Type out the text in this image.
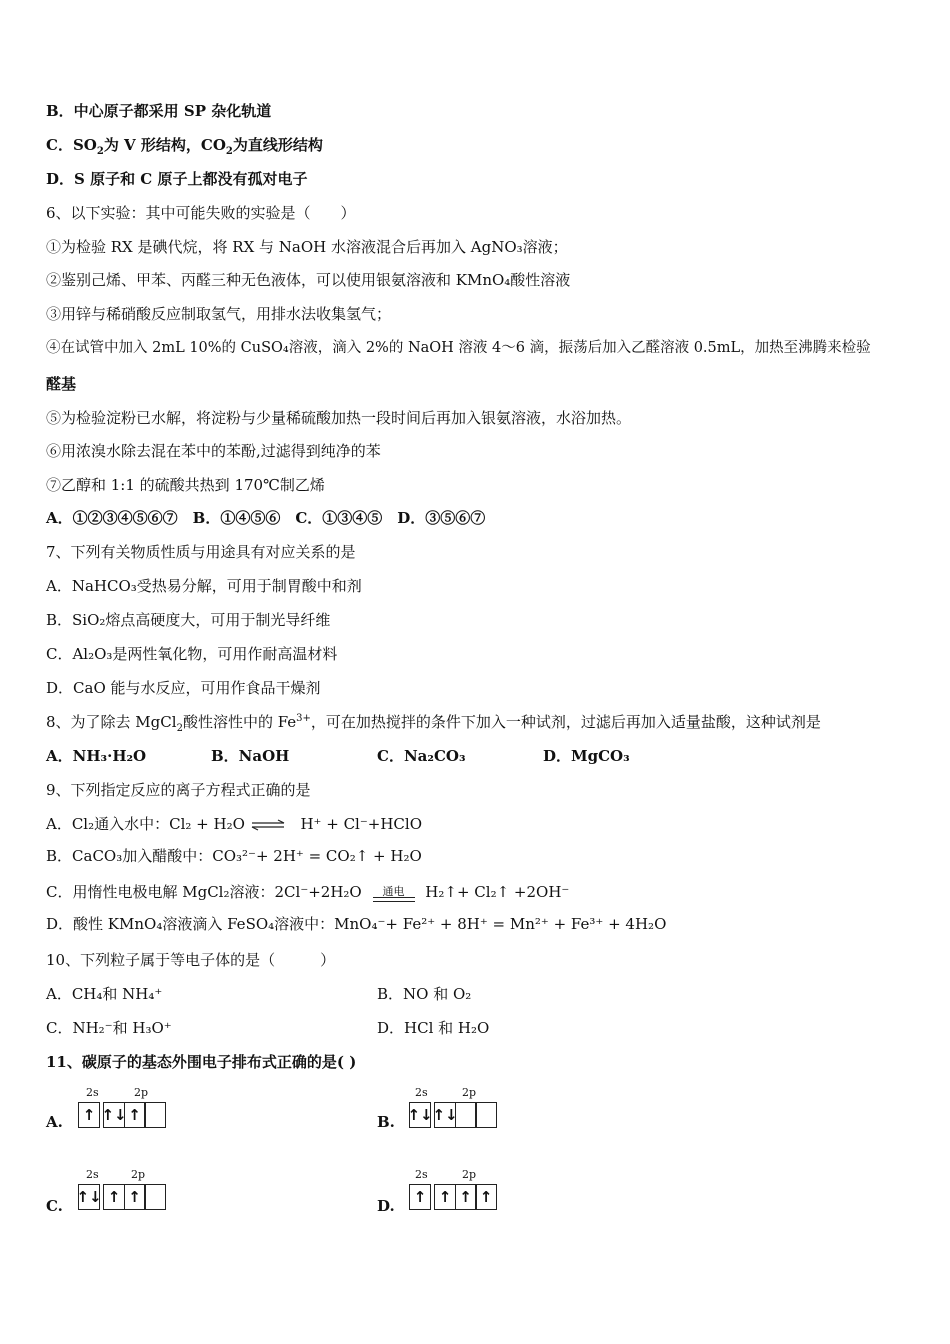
B．中心原子都采用 SP 杂化轨道
C．$SO_2$为 V 形结构，$CO_2$为直线形结构
D．S 原子和 C 原子上都没有孤对电子
6、以下实验：其中可能失败的实验是（　　）
①为检验 RX 是碘代烷，将 RX 与 NaOH 水溶液混合后再加入 AgNO₃溶液；
②鉴别己烯、甲苯、丙醛三种无色液体，可以使用银氨溶液和 KMnO₄酸性溶液
③用锌与稀硝酸反应制取氢气，用排水法收集氢气；
④在试管中加入 2mL 10%的 CuSO₄溶液，滴入 2%的 NaOH 溶液 4～6 滴，振荡后加入乙醛溶液 0.5mL，加热至沸腾来检验
醛基
⑤为检验淀粉已水解，将淀粉与少量稀硫酸加热一段时间后再加入银氨溶液，水浴加热。
⑥用浓溴水除去混在苯中的苯酚,过滤得到纯净的苯
⑦乙醇和 1:1 的硫酸共热到 170℃制乙烯
A．①②③④⑤⑥⑦　B．①④⑤⑥　C．①③④⑤　D．③⑤⑥⑦
7、下列有关物质性质与用途具有对应关系的是
A．NaHCO₃受热易分解，可用于制胃酸中和剂
B．SiO₂熔点高硬度大，可用于制光导纤维
C．Al₂O₃是两性氧化物，可用作耐高温材料
D．CaO 能与水反应，可用作食品干燥剂
8、为了除去 MgCl$_2$酸性溶性中的 $Fe^{3+}$，可在加热搅拌的条件下加入一种试剂，过滤后再加入适量盐酸，这种试剂是
A．NH₃·H₂O	B．NaOH	C．Na₂CO₃	D．MgCO₃
9、下列指定反应的离子方程式正确的是
A．Cl₂通入水中：Cl₂ + H₂O ⇌ H⁺ + Cl⁻+HClO
B．CaCO₃加入醋酸中：CO₃²⁻+ 2H⁺ = CO₂↑ + H₂O
C．用惰性电极电解 MgCl₂溶液：2Cl⁻+2H₂O	通电	H₂↑+ Cl₂↑ +2OH⁻
D．酸性 KMnO₄溶液滴入 FeSO₄溶液中：MnO₄⁻+ Fe²⁺ + 8H⁺ = Mn²⁺ + Fe³⁺ + 4H₂O
10、下列粒子属于等电子体的是（　　　）
A．CH₄和 NH₄⁺	B．NO 和 O₂
C．NH₂⁻和 H₃O⁺	D．HCl 和 H₂O
11、碳原子的基态外围电子排布式正确的是( )
A.
2s	2p
↑ ↑↓ ↑	B.
2s	2p
↑↓ ↑↓
C.
2s	2p
↑↓ ↑ ↑	D.
2s	2p
↑ ↑ ↑ ↑
